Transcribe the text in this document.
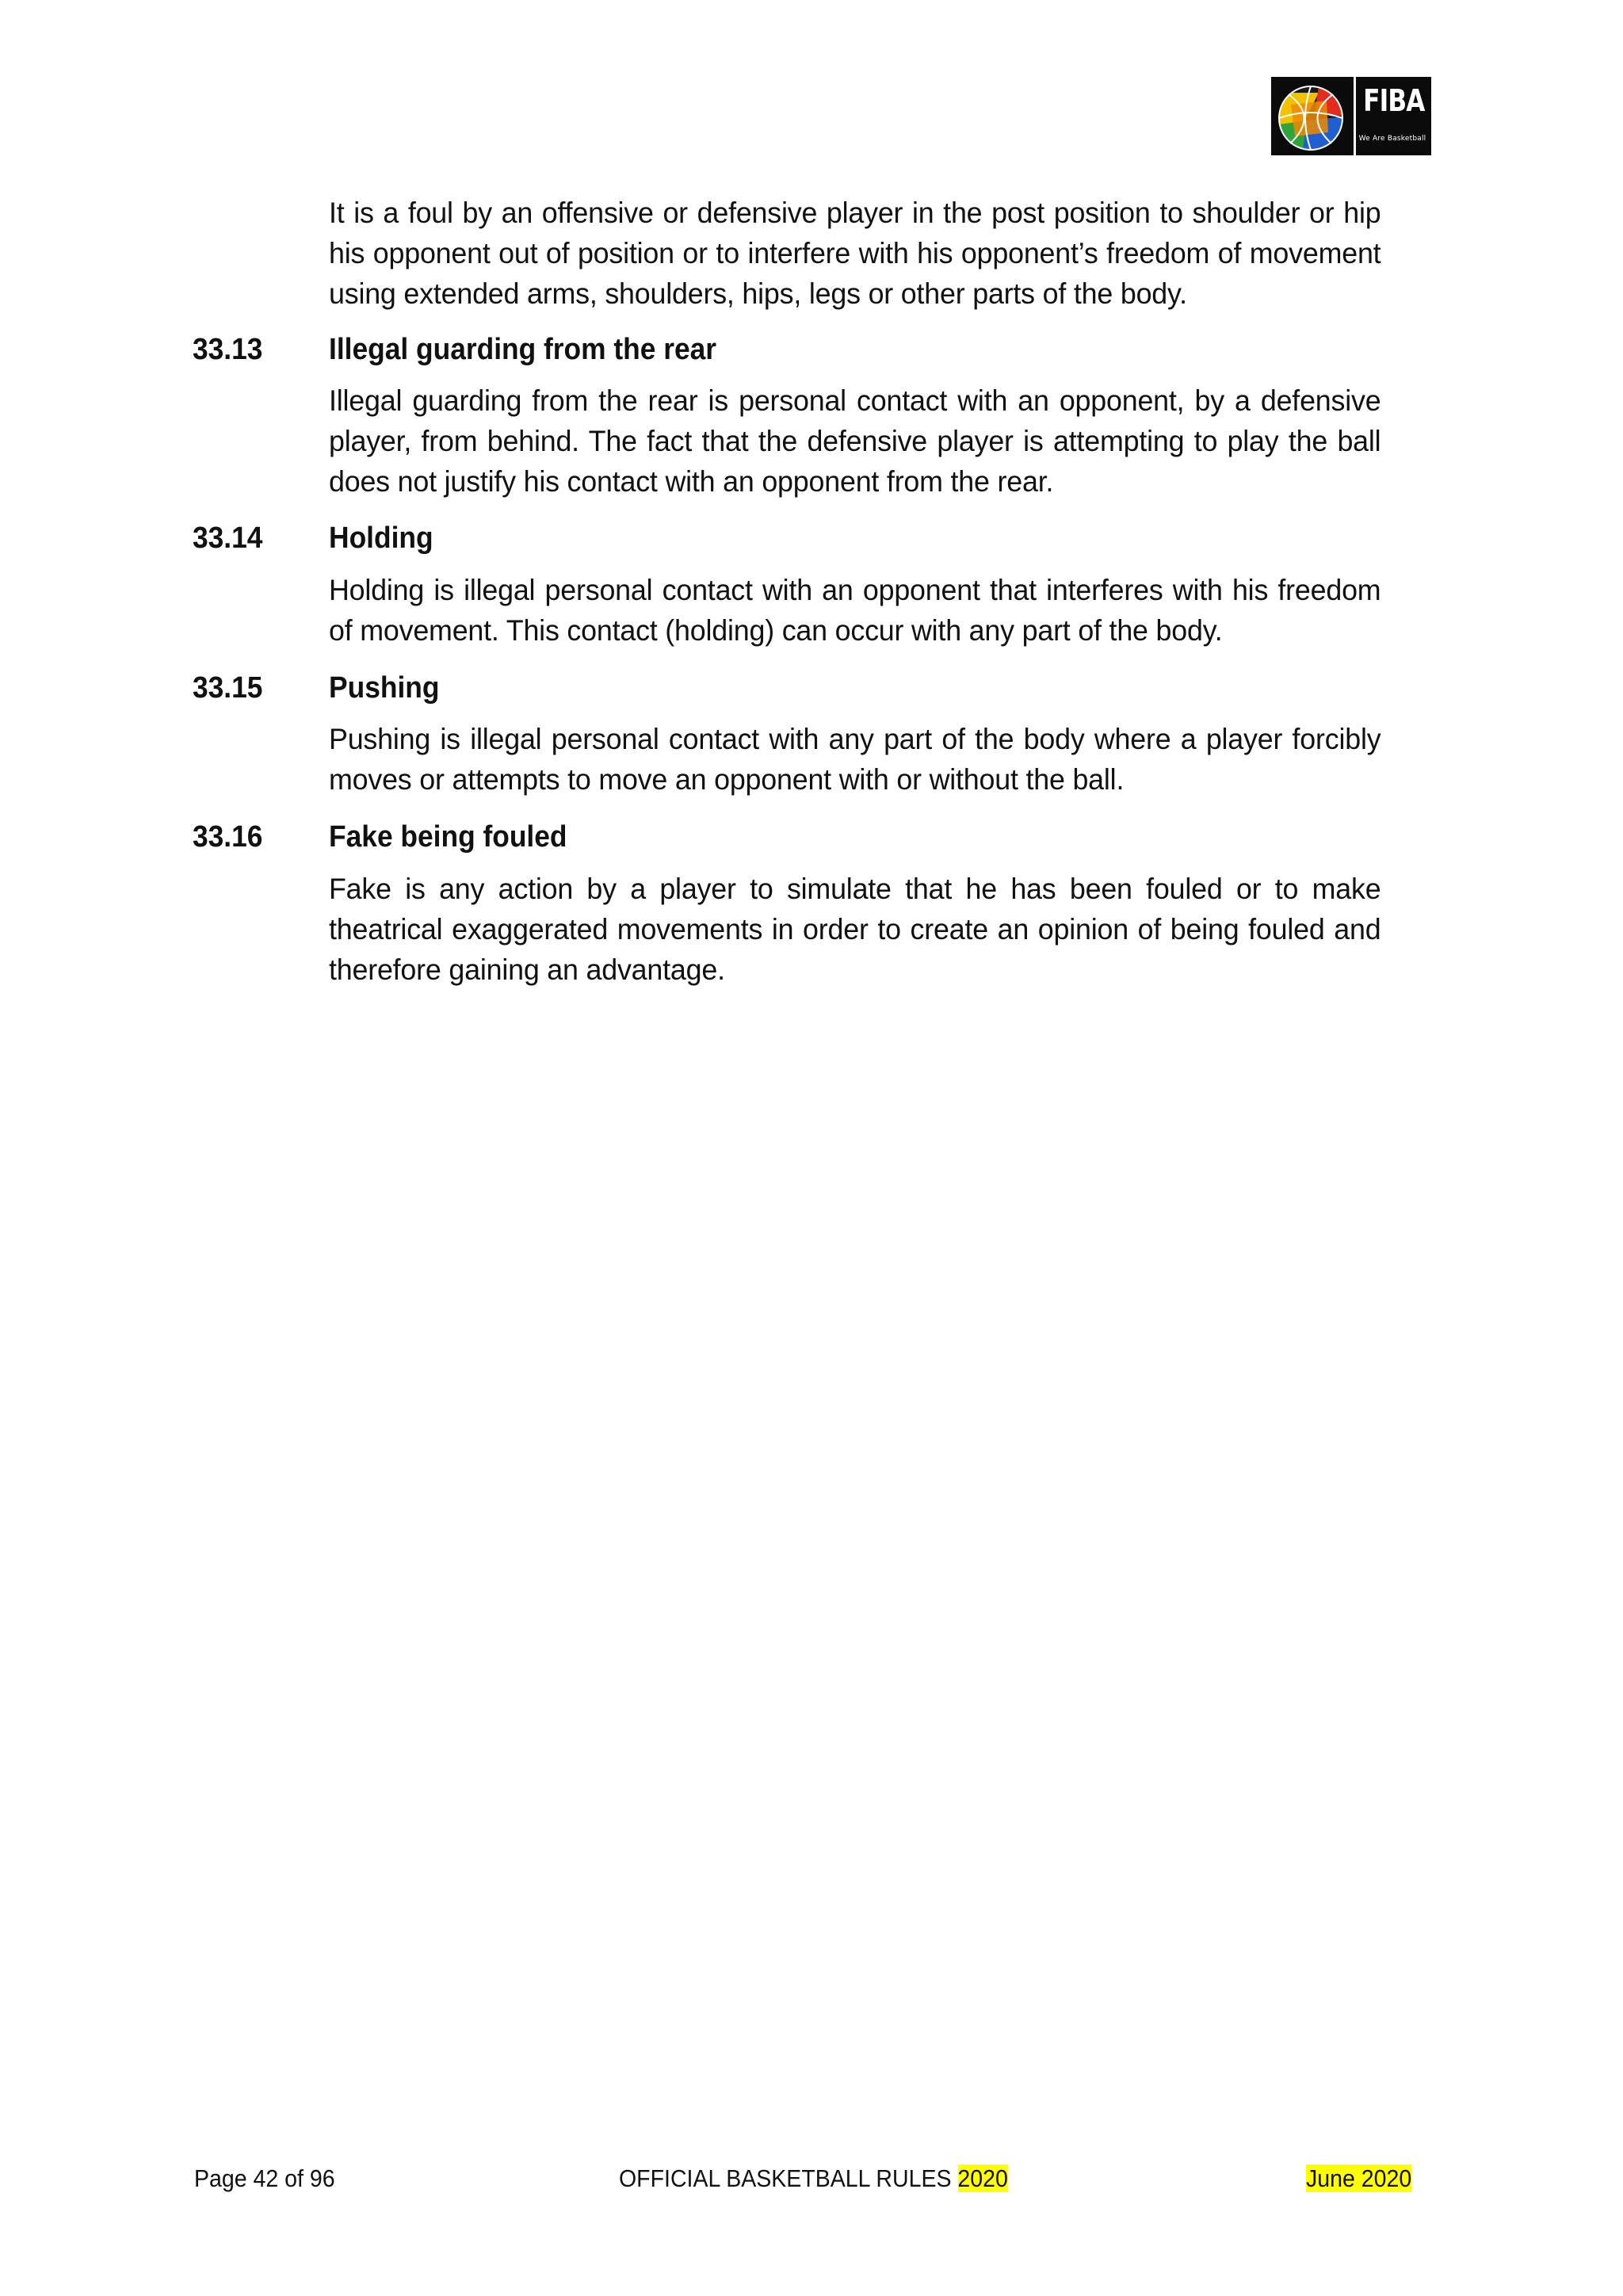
FIBA
We Are Basketball
It is a foul by an offensive or defensive player in the post position to shoulder or hip his opponent out of position or to interfere with his opponent’s freedom of movement using extended arms, shoulders, hips, legs or other parts of the body.
33.13 Illegal guarding from the rear
Illegal guarding from the rear is personal contact with an opponent, by a defensive player, from behind. The fact that the defensive player is attempting to play the ball does not justify his contact with an opponent from the rear.
33.14 Holding
Holding is illegal personal contact with an opponent that interferes with his freedom of movement. This contact (holding) can occur with any part of the body.
33.15 Pushing
Pushing is illegal personal contact with any part of the body where a player forcibly moves or attempts to move an opponent with or without the ball.
33.16 Fake being fouled
Fake is any action by a player to simulate that he has been fouled or to make theatrical exaggerated movements in order to create an opinion of being fouled and therefore gaining an advantage.
Page 42 of 96	OFFICIAL BASKETBALL RULES 2020	June 2020
